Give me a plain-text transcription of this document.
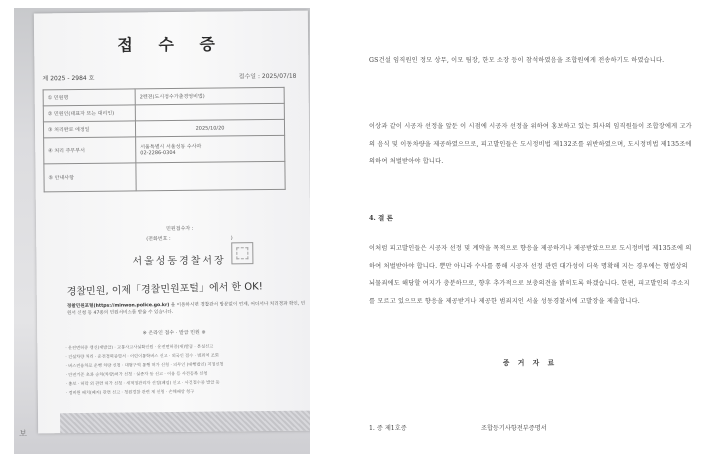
접 수 증
제 2025 - 2984 호	접수일 : 2025/07/18
① 민원명	2렌젼(도시정수가출경영비법)
② 민원인(대표자 또는 대리인)	
③ 처리완료 예정일	2025/10/20
④ 처리 주무부서	서울특별시 서울성동 수사과
02-2286-0304

⑤ 안내사항	
민원접수자 :
(전화번호 :	)
서울성동경찰서장
경찰민원, 이제「경찰민원포털」에서 한 OK!
경찰민원포털(https://minwon.police.go.kr) 을 이용하시면 경찰관서 방문없이 언제, 어디서나 처리경과 확인, 민원서 신청 등 47종의 민원서비스를 받을 수 있습니다.
※ 온라인 접수 · 발급 민원 ※
· 운전면허증 갱신(재발급) · 교통사고사실확인원 · 운전면허증(재)발급 · 분실신고
· 건설차량 처리 · 운전경력증명서 · 어린이통학버스 신고 · 외국인 접수 · 범죄처 조회
· 버스전용차로 운행 차량 신청 · 대형구역 통행 허가 신청 · 의무인 (대행법인) 지정신청
· 안전기준 초과 승차(차량)허가 신청 · 실종자 등 신고 · 이용 등 사전등록 신청
· 홍보 · 허락 외 관련 허가 신청 · 새적정관리자 선정(폐업) 신고 · 사건접수증 발급 등
· 경비원 배치(폐지) 관련 신고 · 청원경찰 관련 제 신청 · 손해배상 청구
보

GS건설 임직원인 정모 상무, 이모 팀장, 한모 소장 등이 참석하였음을 조합원에게 전송하기도 하였습니다.

이상과 같이 시공자 선정을 앞둔 이 시점에 시공자 선정을 위하여 홍보하고 있는 회사의 임직원들이 조합장에게 고가의 음식 및 이동차량을 제공하였으므로, 피고발인들은 도시정비법 제132조를 위반하였으며, 도시정비법 제135조에 의하여 처벌받아야 합니다.

4. 결 론

이처럼 피고발인들은 시공자 선정 및 계약을 목적으로 향응을 제공하거나 제공받았으므로 도시정비법 제135조에 의하여 처벌받아야 합니다. 뿐만 아니라 수사를 통해 시공자 선정 관련 대가성이 더욱 명확해 지는 경우에는 형법상의 뇌물죄에도 해당할 여지가 충분하므로, 향후 추가적으로 보충의견을 밝히도록 하겠습니다. 한편, 피고발인의 주소지를 모르고 있으므로 향응을 제공받거나 제공한 범죄지인 서울 성동경찰서에 고발장을 제출합니다.

증 거 자 료
1. 증 제1호증	조합등기사항전부증명서
